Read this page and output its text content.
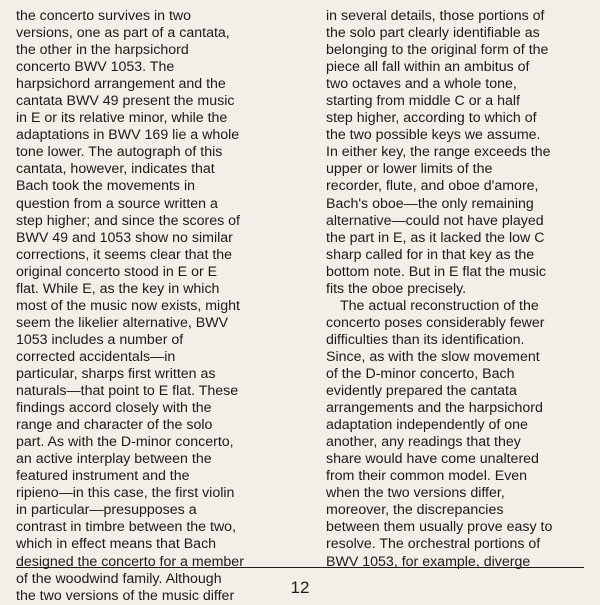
the concerto survives in two
versions, one as part of a cantata,
the other in the harpsichord
concerto BWV 1053. The
harpsichord arrangement and the
cantata BWV 49 present the music
in E or its relative minor, while the
adaptations in BWV 169 lie a whole
tone lower. The autograph of this
cantata, however, indicates that
Bach took the movements in
question from a source written a
step higher; and since the scores of
BWV 49 and 1053 show no similar
corrections, it seems clear that the
original concerto stood in E or E
flat. While E, as the key in which
most of the music now exists, might
seem the likelier alternative, BWV
1053 includes a number of
corrected accidentals—in
particular, sharps first written as
naturals—that point to E flat. These
findings accord closely with the
range and character of the solo
part. As with the D-minor concerto,
an active interplay between the
featured instrument and the
ripieno—in this case, the first violin
in particular—presupposes a
contrast in timbre between the two,
which in effect means that Bach
designed the concerto for a member
of the woodwind family. Although
the two versions of the music differ
in several details, those portions of
the solo part clearly identifiable as
belonging to the original form of the
piece all fall within an ambitus of
two octaves and a whole tone,
starting from middle C or a half
step higher, according to which of
the two possible keys we assume.
In either key, the range exceeds the
upper or lower limits of the
recorder, flute, and oboe d'amore,
Bach's oboe—the only remaining
alternative—could not have played
the part in E, as it lacked the low C
sharp called for in that key as the
bottom note. But in E flat the music
fits the oboe precisely.
The actual reconstruction of the
concerto poses considerably fewer
difficulties than its identification.
Since, as with the slow movement
of the D-minor concerto, Bach
evidently prepared the cantata
arrangements and the harpsichord
adaptation independently of one
another, any readings that they
share would have come unaltered
from their common model. Even
when the two versions differ,
moreover, the discrepancies
between them usually prove easy to
resolve. The orchestral portions of
BWV 1053, for example, diverge
12
